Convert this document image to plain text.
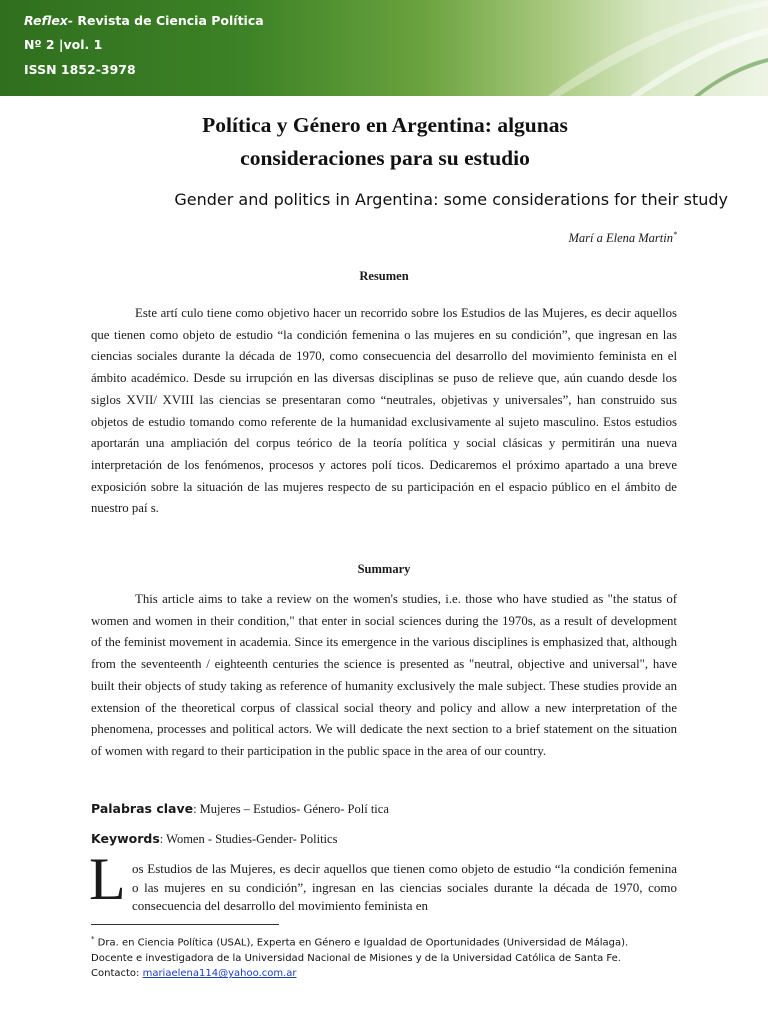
Reflex- Revista de Ciencia Política
Nº 2 |vol. 1
ISSN 1852-3978
Política y Género en Argentina: algunas
consideraciones para su estudio

Gender and politics in Argentina: some considerations for their study

Marí a Elena Martin*
Resumen

Este artí culo tiene como objetivo hacer un recorrido sobre los Estudios de las Mujeres, es decir aquellos que tienen como objeto de estudio “la condición femenina o las mujeres en su condición”, que ingresan en las ciencias sociales durante la década de 1970, como consecuencia del desarrollo del movimiento feminista en el ámbito académico. Desde su irrupción en las diversas disciplinas se puso de relieve que, aún cuando desde los siglos XVII/ XVIII las ciencias se presentaran como “neutrales, objetivas y universales”, han construido sus objetos de estudio tomando como referente de la humanidad exclusivamente al sujeto masculino. Estos estudios aportarán una ampliación del corpus teórico de la teoría política y social clásicas y permitirán una nueva interpretación de los fenómenos, procesos y actores polí ticos. Dedicaremos el próximo apartado a una breve exposición sobre la situación de las mujeres respecto de su participación en el espacio público en el ámbito de nuestro paí s.

Summary

This article aims to take a review on the women's studies, i.e. those who have studied as "the status of women and women in their condition," that enter in social sciences during the 1970s, as a result of development of the feminist movement in academia. Since its emergence in the various disciplines is emphasized that, although from the seventeenth / eighteenth centuries the science is presented as "neutral, objective and universal", have built their objects of study taking as reference of humanity exclusively the male subject. These studies provide an extension of the theoretical corpus of classical social theory and policy and allow a new interpretation of the phenomena, processes and political actors. We will dedicate the next section to a brief statement on the situation of women with regard to their participation in the public space in the area of our country.

Palabras clave: Mujeres – Estudios- Género- Polí tica
Keywords: Women - Studies-Gender- Politics
L os Estudios de las Mujeres, es decir aquellos que tienen como objeto de estudio “la condición femenina o las mujeres en su condición”, ingresan en las ciencias sociales durante la década de 1970, como consecuencia del desarrollo del movimiento feminista en

* Dra. en Ciencia Política (USAL), Experta en Género e Igualdad de Oportunidades (Universidad de Málaga).
Docente e investigadora de la Universidad Nacional de Misiones y de la Universidad Católica de Santa Fe.
Contacto: mariaelena114@yahoo.com.ar
